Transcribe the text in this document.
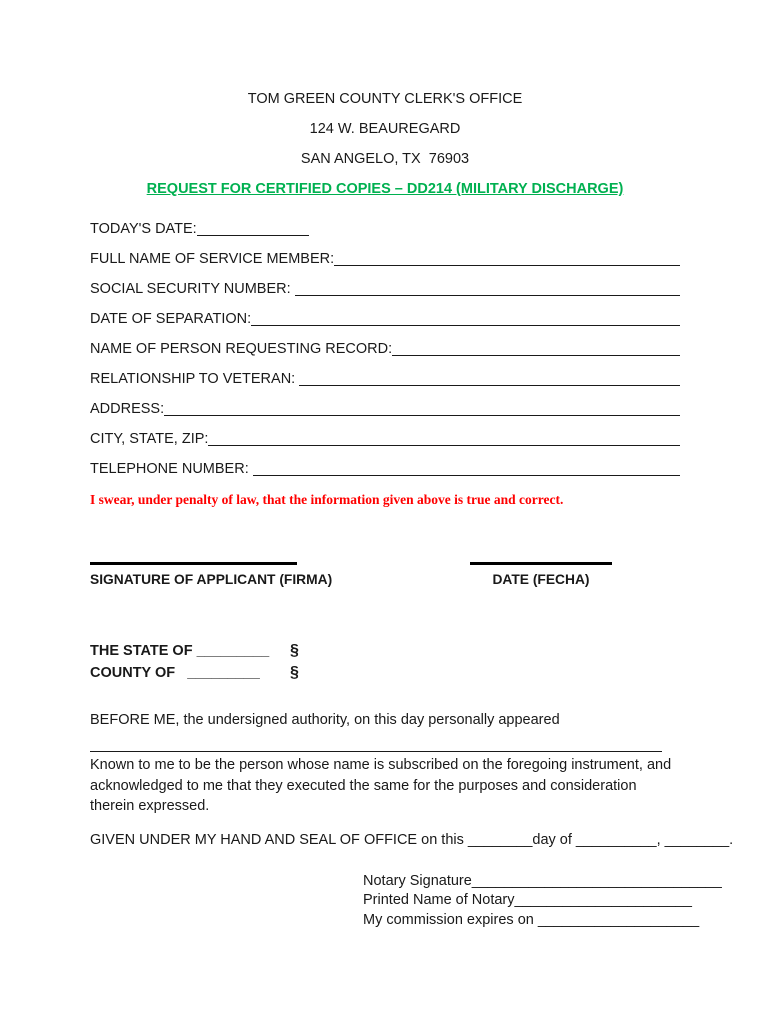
TOM GREEN COUNTY CLERK'S OFFICE

124 W. BEAUREGARD

SAN ANGELO, TX  76903

REQUEST FOR CERTIFIED COPIES – DD214 (MILITARY DISCHARGE)

TODAY'S DATE:
FULL NAME OF SERVICE MEMBER:
SOCIAL SECURITY NUMBER:
DATE OF SEPARATION:
NAME OF PERSON REQUESTING RECORD:
RELATIONSHIP TO VETERAN:
ADDRESS:
CITY, STATE, ZIP:
TELEPHONE NUMBER:

I swear, under penalty of law, that the information given above is true and correct.

SIGNATURE OF APPLICANT (FIRMA)	DATE (FECHA)
THE STATE OF _________ §
COUNTY OF   _________ §

BEFORE ME, the undersigned authority, on this day personally appeared

Known to me to be the person whose name is subscribed on the foregoing instrument, and acknowledged to me that they executed the same for the purposes and consideration therein expressed.

GIVEN UNDER MY HAND AND SEAL OF OFFICE on this ________day of __________, ________.

Notary Signature_______________________________

Printed Name of Notary______________________

My commission expires on ____________________
